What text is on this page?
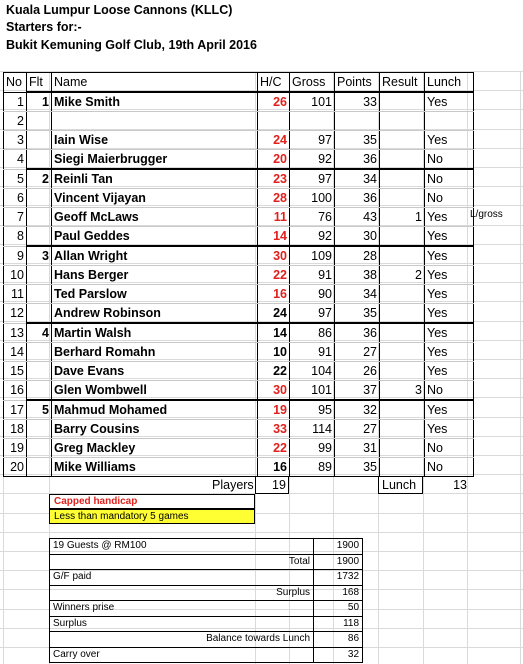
Kuala Lumpur Loose Cannons (KLLC)
Starters for:-
Bukit Kemuning Golf Club, 19th April 2016
No	Flt	Name	H/C	Gross	Points	Result	Lunch
1	1	Mike Smith	26	101	33		Yes
2							
3		Iain Wise	24	97	35		Yes
4		Siegi Maierbrugger	20	92	36		No
5	2	Reinli Tan	23	97	34		No
6		Vincent Vijayan	28	100	36		No
7		Geoff McLaws	11	76	43	1	Yes
8		Paul Geddes	14	92	30		Yes
9	3	Allan Wright	30	109	28		Yes
10		Hans Berger	22	91	38	2	Yes
11		Ted Parslow	16	90	34		Yes
12		Andrew Robinson	24	97	35		Yes
13	4	Martin Walsh	14	86	36		Yes
14		Berhard Romahn	10	91	27		Yes
15		Dave Evans	22	104	26		Yes
16		Glen Wombwell	30	101	37	3	No
17	5	Mahmud Mohamed	19	95	32		Yes
18		Barry Cousins	33	114	27		Yes
19		Greg Mackley	22	99	31		No
20		Mike Williams	16	89	35		No
L/gross
Players	19	Lunch	13
Capped handicap
Less than mandatory 5 games
19 Guests @ RM100		1900
	Total	1900
G/F paid		1732
	Surplus	168
Winners prise		50
Surplus		118
	Balance towards Lunch	86
Carry over		32
